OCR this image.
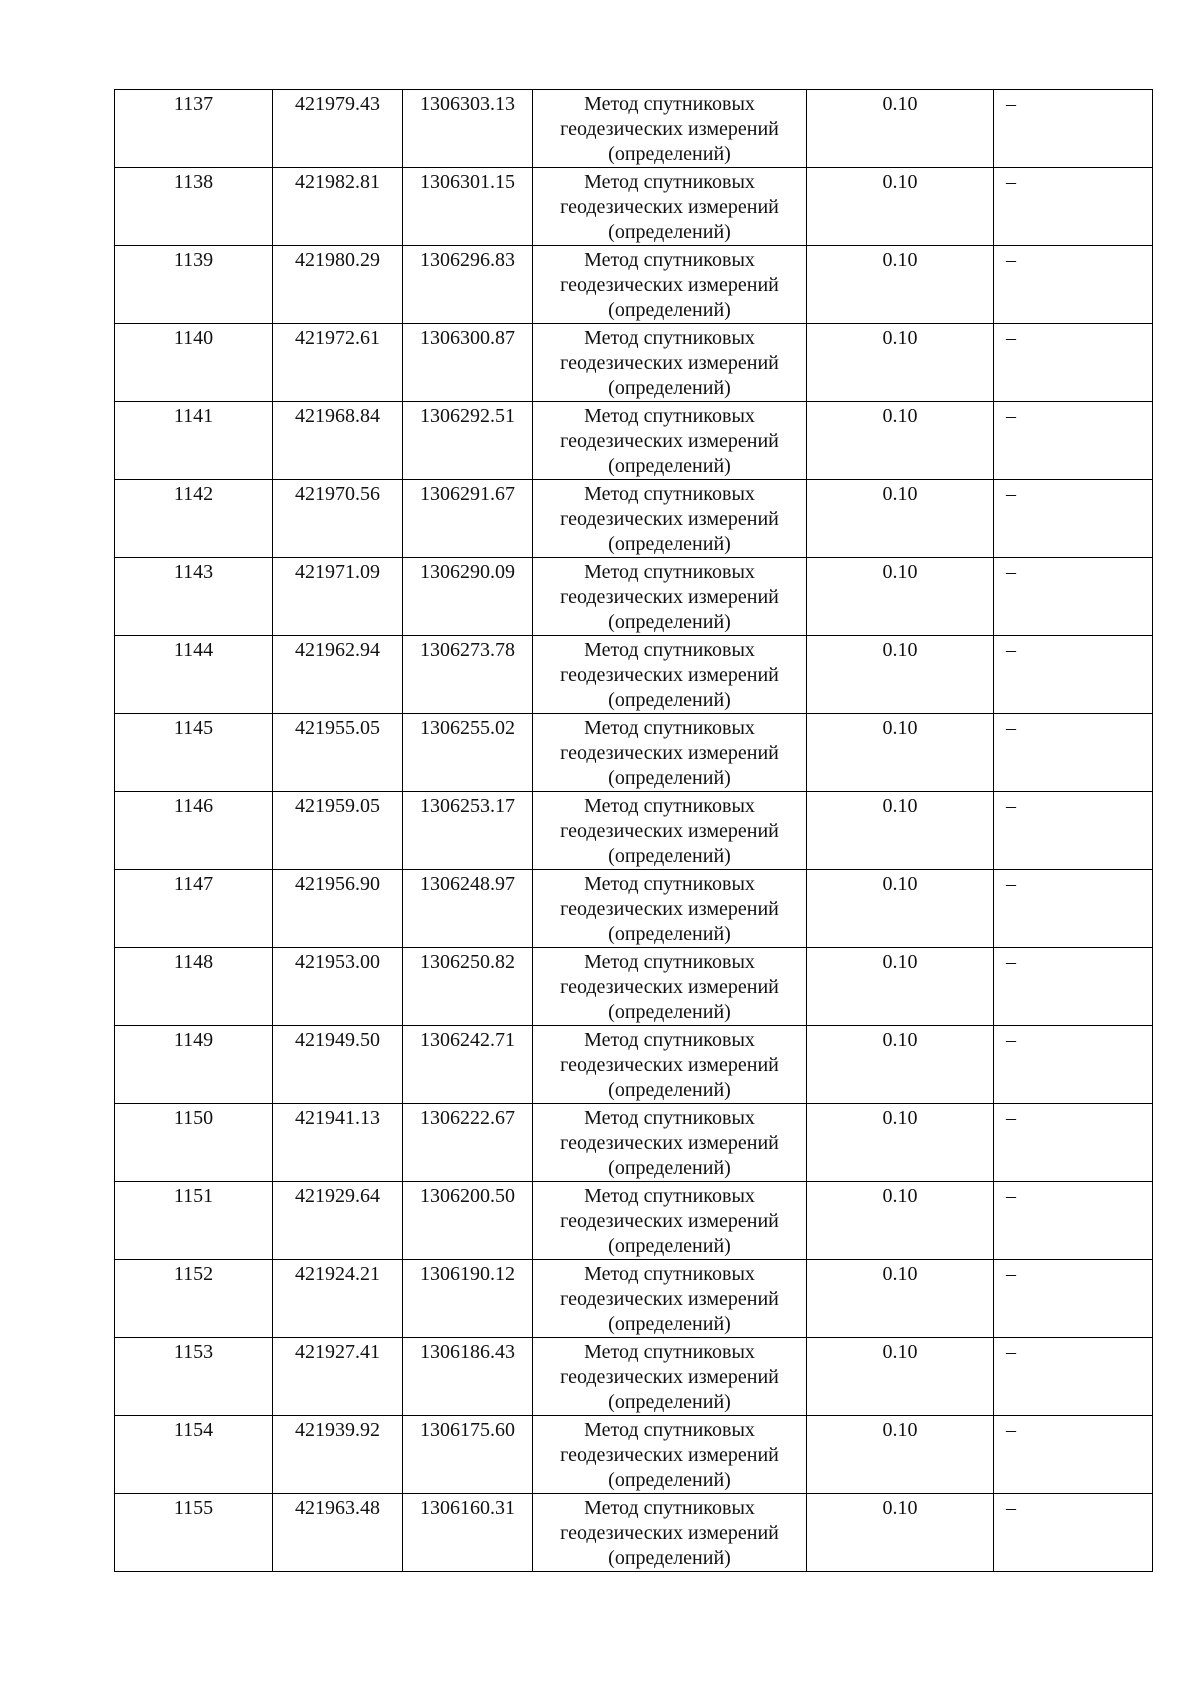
1137	421979.43	1306303.13	Метод спутниковых
геодезических измерений
(определений)	0.10	–
1138	421982.81	1306301.15	Метод спутниковых
геодезических измерений
(определений)	0.10	–
1139	421980.29	1306296.83	Метод спутниковых
геодезических измерений
(определений)	0.10	–
1140	421972.61	1306300.87	Метод спутниковых
геодезических измерений
(определений)	0.10	–
1141	421968.84	1306292.51	Метод спутниковых
геодезических измерений
(определений)	0.10	–
1142	421970.56	1306291.67	Метод спутниковых
геодезических измерений
(определений)	0.10	–
1143	421971.09	1306290.09	Метод спутниковых
геодезических измерений
(определений)	0.10	–
1144	421962.94	1306273.78	Метод спутниковых
геодезических измерений
(определений)	0.10	–
1145	421955.05	1306255.02	Метод спутниковых
геодезических измерений
(определений)	0.10	–
1146	421959.05	1306253.17	Метод спутниковых
геодезических измерений
(определений)	0.10	–
1147	421956.90	1306248.97	Метод спутниковых
геодезических измерений
(определений)	0.10	–
1148	421953.00	1306250.82	Метод спутниковых
геодезических измерений
(определений)	0.10	–
1149	421949.50	1306242.71	Метод спутниковых
геодезических измерений
(определений)	0.10	–
1150	421941.13	1306222.67	Метод спутниковых
геодезических измерений
(определений)	0.10	–
1151	421929.64	1306200.50	Метод спутниковых
геодезических измерений
(определений)	0.10	–
1152	421924.21	1306190.12	Метод спутниковых
геодезических измерений
(определений)	0.10	–
1153	421927.41	1306186.43	Метод спутниковых
геодезических измерений
(определений)	0.10	–
1154	421939.92	1306175.60	Метод спутниковых
геодезических измерений
(определений)	0.10	–
1155	421963.48	1306160.31	Метод спутниковых
геодезических измерений
(определений)	0.10	–
